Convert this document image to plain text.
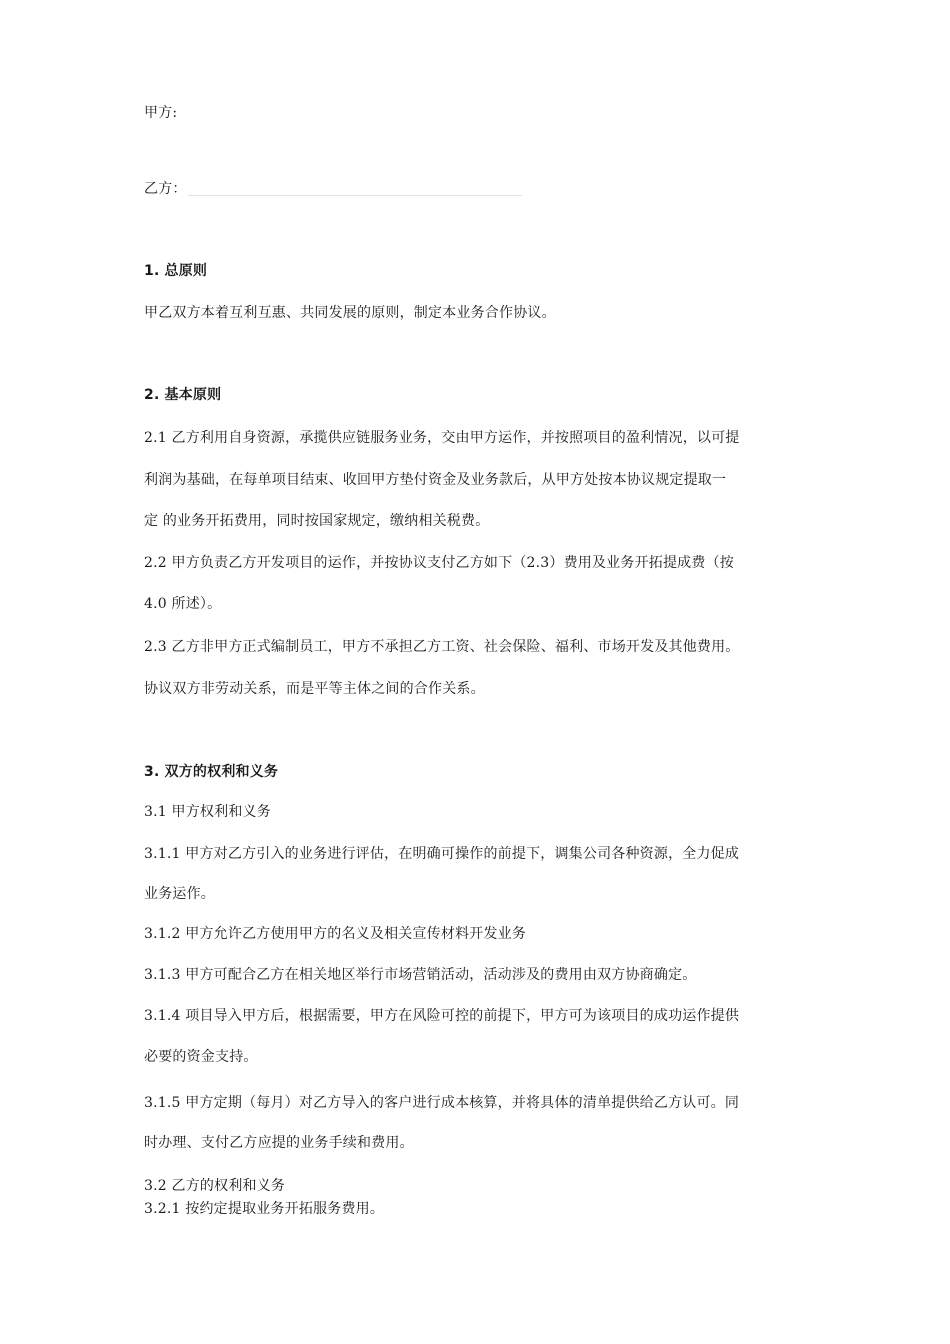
甲方:
乙方：
1. 总原则
甲乙双方本着互利互惠、共同发展的原则，制定本业务合作协议。
2. 基本原则
2.1 乙方利用自身资源，承揽供应链服务业务，交由甲方运作，并按照项目的盈利情况，以可提
利润为基础，在每单项目结束、收回甲方垫付资金及业务款后，从甲方处按本协议规定提取一
定 的业务开拓费用，同时按国家规定，缴纳相关税费。
2.2 甲方负责乙方开发项目的运作，并按协议支付乙方如下（2.3）费用及业务开拓提成费（按
4.0 所述）。
2.3 乙方非甲方正式编制员工，甲方不承担乙方工资、社会保险、福利、市场开发及其他费用。
协议双方非劳动关系，而是平等主体之间的合作关系。
3. 双方的权利和义务
3.1 甲方权利和义务
3.1.1 甲方对乙方引入的业务进行评估，在明确可操作的前提下，调集公司各种资源，全力促成
业务运作。
3.1.2 甲方允许乙方使用甲方的名义及相关宣传材料开发业务
3.1.3 甲方可配合乙方在相关地区举行市场营销活动，活动涉及的费用由双方协商确定。
3.1.4 项目导入甲方后，根据需要，甲方在风险可控的前提下，甲方可为该项目的成功运作提供
必要的资金支持。
3.1.5 甲方定期（每月）对乙方导入的客户进行成本核算，并将具体的清单提供给乙方认可。同
时办理、支付乙方应提的业务手续和费用。
3.2 乙方的权利和义务
3.2.1 按约定提取业务开拓服务费用。
